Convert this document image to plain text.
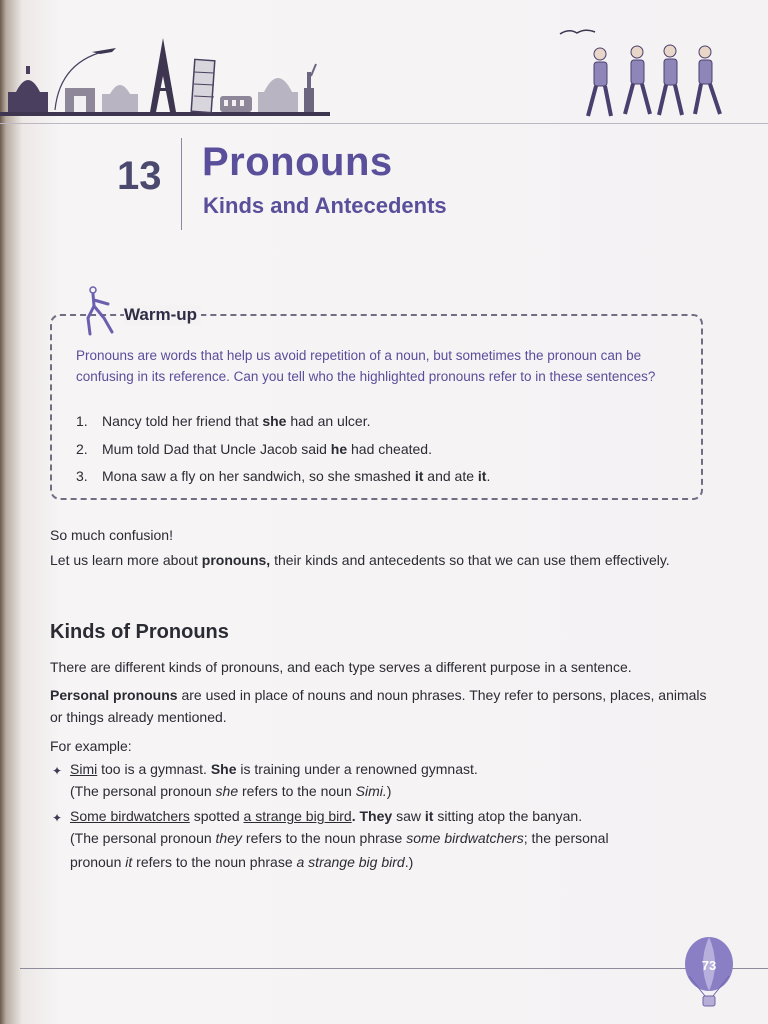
13 Pronouns
Kinds and Antecedents
Warm-up
Pronouns are words that help us avoid repetition of a noun, but sometimes the pronoun can be confusing in its reference. Can you tell who the highlighted pronouns refer to in these sentences?
1. Nancy told her friend that she had an ulcer.
2. Mum told Dad that Uncle Jacob said he had cheated.
3. Mona saw a fly on her sandwich, so she smashed it and ate it.
So much confusion!
Let us learn more about pronouns, their kinds and antecedents so that we can use them effectively.
Kinds of Pronouns
There are different kinds of pronouns, and each type serves a different purpose in a sentence.
Personal pronouns are used in place of nouns and noun phrases. They refer to persons, places, animals or things already mentioned.
For example:
✦ Simi too is a gymnast. She is training under a renowned gymnast.
(The personal pronoun she refers to the noun Simi.)
✦ Some birdwatchers spotted a strange big bird. They saw it sitting atop the banyan.
(The personal pronoun they refers to the noun phrase some birdwatchers; the personal
pronoun it refers to the noun phrase a strange big bird.)
73
